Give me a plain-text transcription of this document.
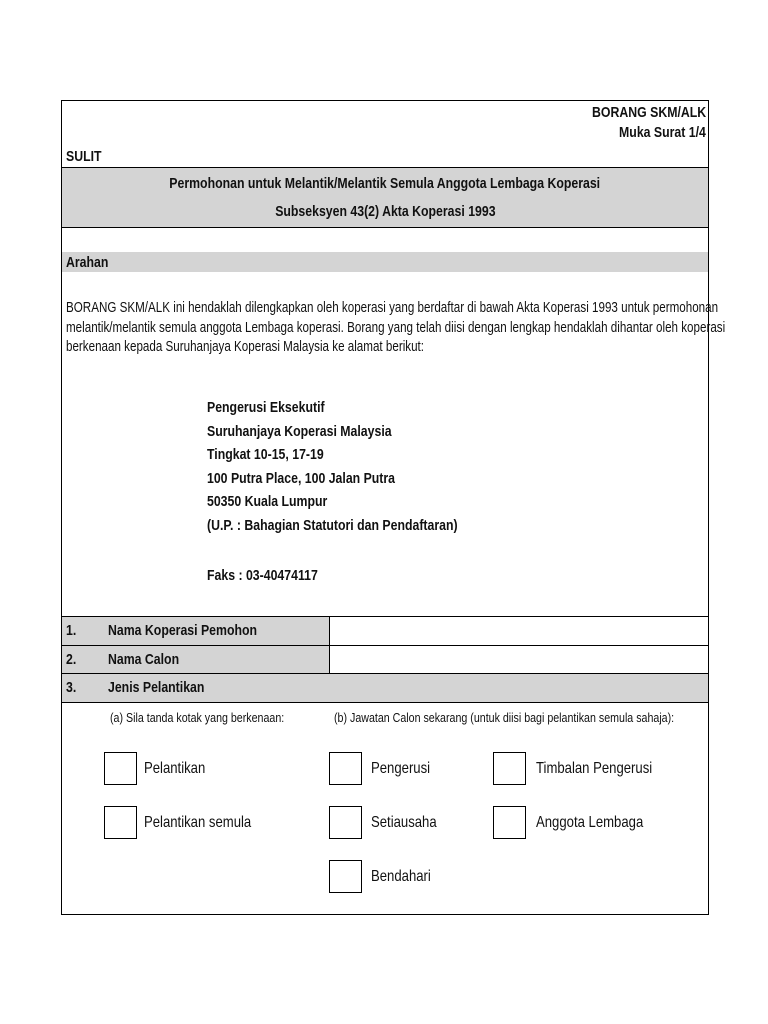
BORANG SKM/ALK
Muka Surat 1/4
SULIT
Permohonan untuk Melantik/Melantik Semula Anggota Lembaga Koperasi
Subseksyen 43(2) Akta Koperasi 1993
Arahan
BORANG SKM/ALK ini hendaklah dilengkapkan oleh koperasi yang berdaftar di bawah Akta Koperasi 1993 untuk permohonan
melantik/melantik semula anggota Lembaga koperasi. Borang yang telah diisi dengan lengkap hendaklah dihantar oleh koperasi
berkenaan kepada Suruhanjaya Koperasi Malaysia ke alamat berikut:
Pengerusi Eksekutif
Suruhanjaya Koperasi Malaysia
Tingkat 10-15, 17-19
100 Putra Place, 100 Jalan Putra
50350 Kuala Lumpur
(U.P. : Bahagian Statutori dan Pendaftaran)
Faks : 03-40474117
1. Nama Koperasi Pemohon
2. Nama Calon
3. Jenis Pelantikan
(a) Sila tanda kotak yang berkenaan:	(b) Jawatan Calon sekarang (untuk diisi bagi pelantikan semula sahaja):
Pelantikan
Pelantikan semula
Pengerusi	Timbalan Pengerusi
Setiausaha	Anggota Lembaga
Bendahari
